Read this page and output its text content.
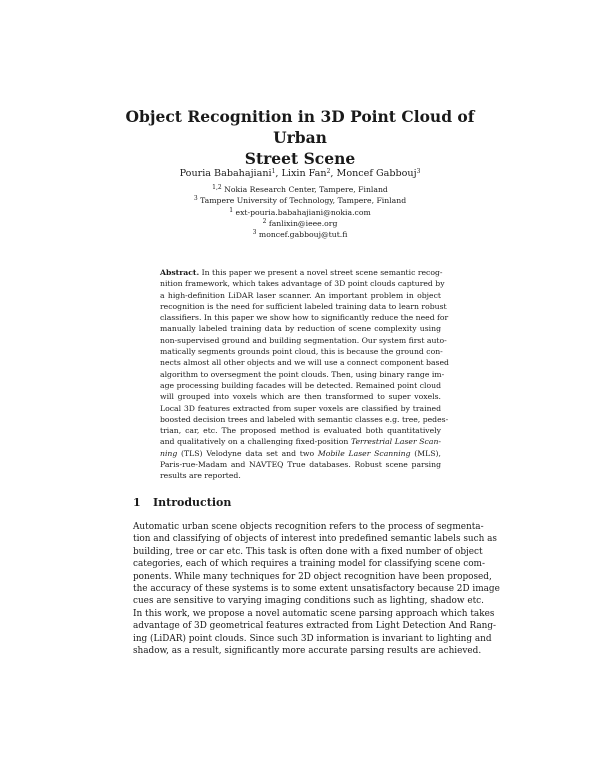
Object Recognition in 3D Point Cloud of Urban
Street Scene
Pouria Babahajiani$^1$, Lixin Fan$^2$, Moncef Gabbouj$^3$
$^{1,2}$ Nokia Research Center, Tampere, Finland
$^3$ Tampere University of Technology, Tampere, Finland
$^1$ ext-pouria.babahajiani@nokia.com
$^2$ fanlixin@ieee.org
$^3$ moncef.gabbouj@tut.fi
Abstract. In this paper we present a novel street scene semantic recog-
nition framework, which takes advantage of 3D point clouds captured by
a high-definition LiDAR laser scanner. An important problem in object
recognition is the need for sufficient labeled training data to learn robust
classifiers. In this paper we show how to significantly reduce the need for
manually labeled training data by reduction of scene complexity using
non-supervised ground and building segmentation. Our system first auto-
matically segments grounds point cloud, this is because the ground con-
nects almost all other objects and we will use a connect component based
algorithm to oversegment the point clouds. Then, using binary range im-
age processing building facades will be detected. Remained point cloud
will grouped into voxels which are then transformed to super voxels.
Local 3D features extracted from super voxels are classified by trained
boosted decision trees and labeled with semantic classes e.g. tree, pedes-
trian, car, etc. The proposed method is evaluated both quantitatively
and qualitatively on a challenging fixed-position Terrestrial Laser Scan-
ning (TLS) Velodyne data set and two Mobile Laser Scanning (MLS),
Paris-rue-Madam and NAVTEQ True databases. Robust scene parsing
results are reported.
1 Introduction
Automatic urban scene objects recognition refers to the process of segmenta-
tion and classifying of objects of interest into predefined semantic labels such as
building, tree or car etc. This task is often done with a fixed number of object
categories, each of which requires a training model for classifying scene com-
ponents. While many techniques for 2D object recognition have been proposed,
the accuracy of these systems is to some extent unsatisfactory because 2D image
cues are sensitive to varying imaging conditions such as lighting, shadow etc.
In this work, we propose a novel automatic scene parsing approach which takes
advantage of 3D geometrical features extracted from Light Detection And Rang-
ing (LiDAR) point clouds. Since such 3D information is invariant to lighting and
shadow, as a result, significantly more accurate parsing results are achieved.
